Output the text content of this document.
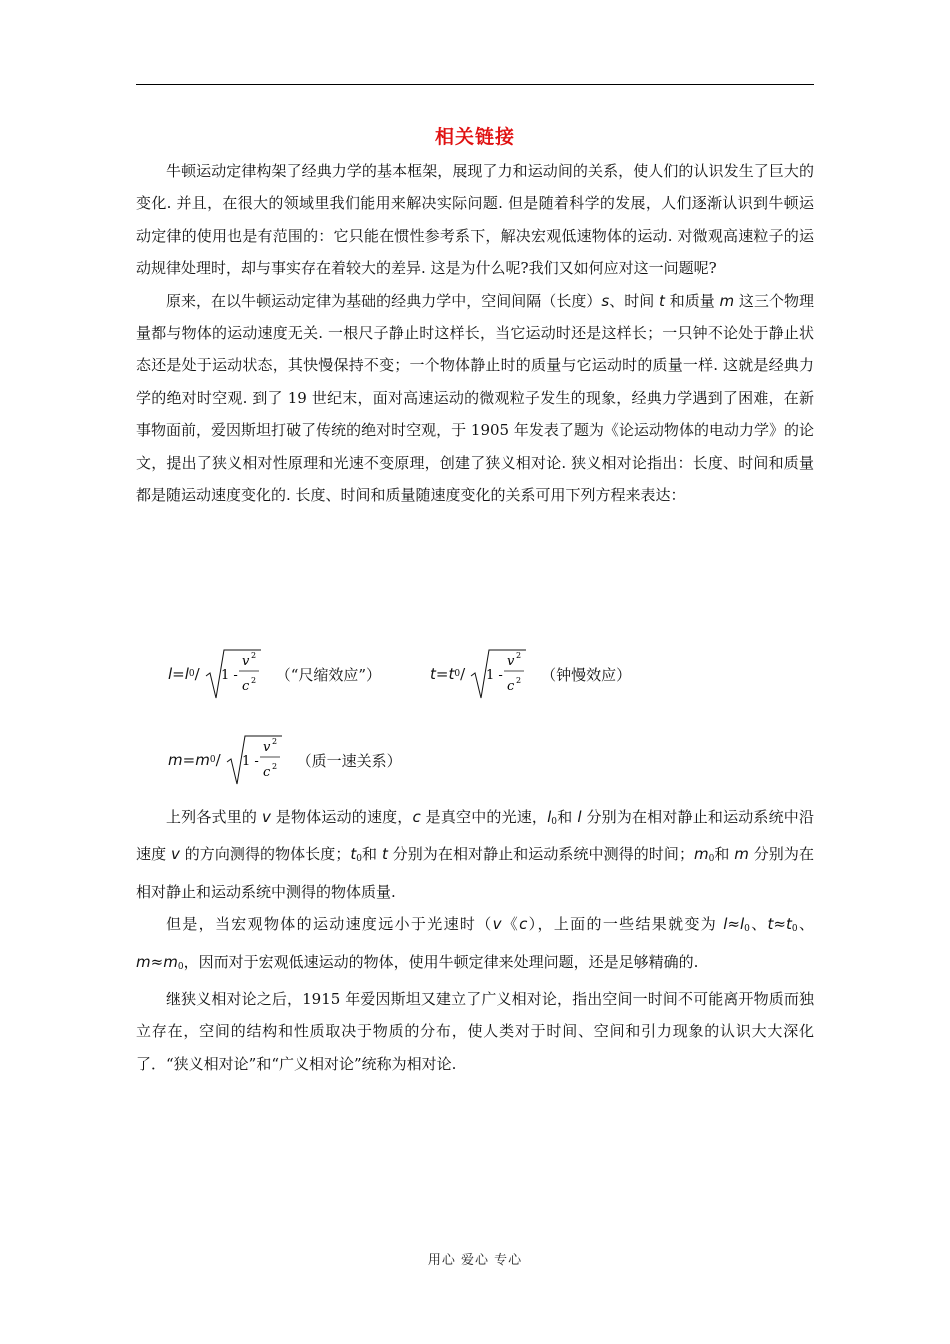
相关链接

牛顿运动定律构架了经典力学的基本框架，展现了力和运动间的关系，使人们的认识发生了巨大的变化. 并且，在很大的领域里我们能用来解决实际问题. 但是随着科学的发展，人们逐渐认识到牛顿运动定律的使用也是有范围的：它只能在惯性参考系下，解决宏观低速物体的运动. 对微观高速粒子的运动规律处理时，却与事实存在着较大的差异. 这是为什么呢?我们又如何应对这一问题呢?

原来，在以牛顿运动定律为基础的经典力学中，空间间隔（长度）s、时间 t 和质量 m 这三个物理量都与物体的运动速度无关. 一根尺子静止时这样长，当它运动时还是这样长；一只钟不论处于静止状态还是处于运动状态，其快慢保持不变；一个物体静止时的质量与它运动时的质量一样. 这就是经典力学的绝对时空观. 到了 19 世纪末，面对高速运动的微观粒子发生的现象，经典力学遇到了困难，在新事物面前，爱因斯坦打破了传统的绝对时空观，于 1905 年发表了题为《论运动物体的电动力学》的论文，提出了狭义相对性原理和光速不变原理，创建了狭义相对论. 狭义相对论指出：长度、时间和质量都是随运动速度变化的. 长度、时间和质量随速度变化的关系可用下列方程来表达：

l = l 0 / 1 -
v 2
c 2 （“尺缩效应”）	t = t 0 / 1 -
v 2
c 2 （钟慢效应）
m = m 0 / 1 -
v 2
c 2 （质一速关系）

上列各式里的 v 是物体运动的速度，c 是真空中的光速，$l_0$和 l 分别为在相对静止和运动系统中沿速度 v 的方向测得的物体长度；$t_0$和 t 分别为在相对静止和运动系统中测得的时间；$m_0$和 m 分别为在相对静止和运动系统中测得的物体质量.

但是，当宏观物体的运动速度远小于光速时（v《c），上面的一些结果就变为 $l\approx l_0$、$t\approx t_0$、$m\approx m_0$，因而对于宏观低速运动的物体，使用牛顿定律来处理问题，还是足够精确的.

继狭义相对论之后，1915 年爱因斯坦又建立了广义相对论，指出空间一时间不可能离开物质而独立存在，空间的结构和性质取决于物质的分布，使人类对于时间、空间和引力现象的认识大大深化了．“狭义相对论”和“广义相对论”统称为相对论.

用心 爱心 专心
